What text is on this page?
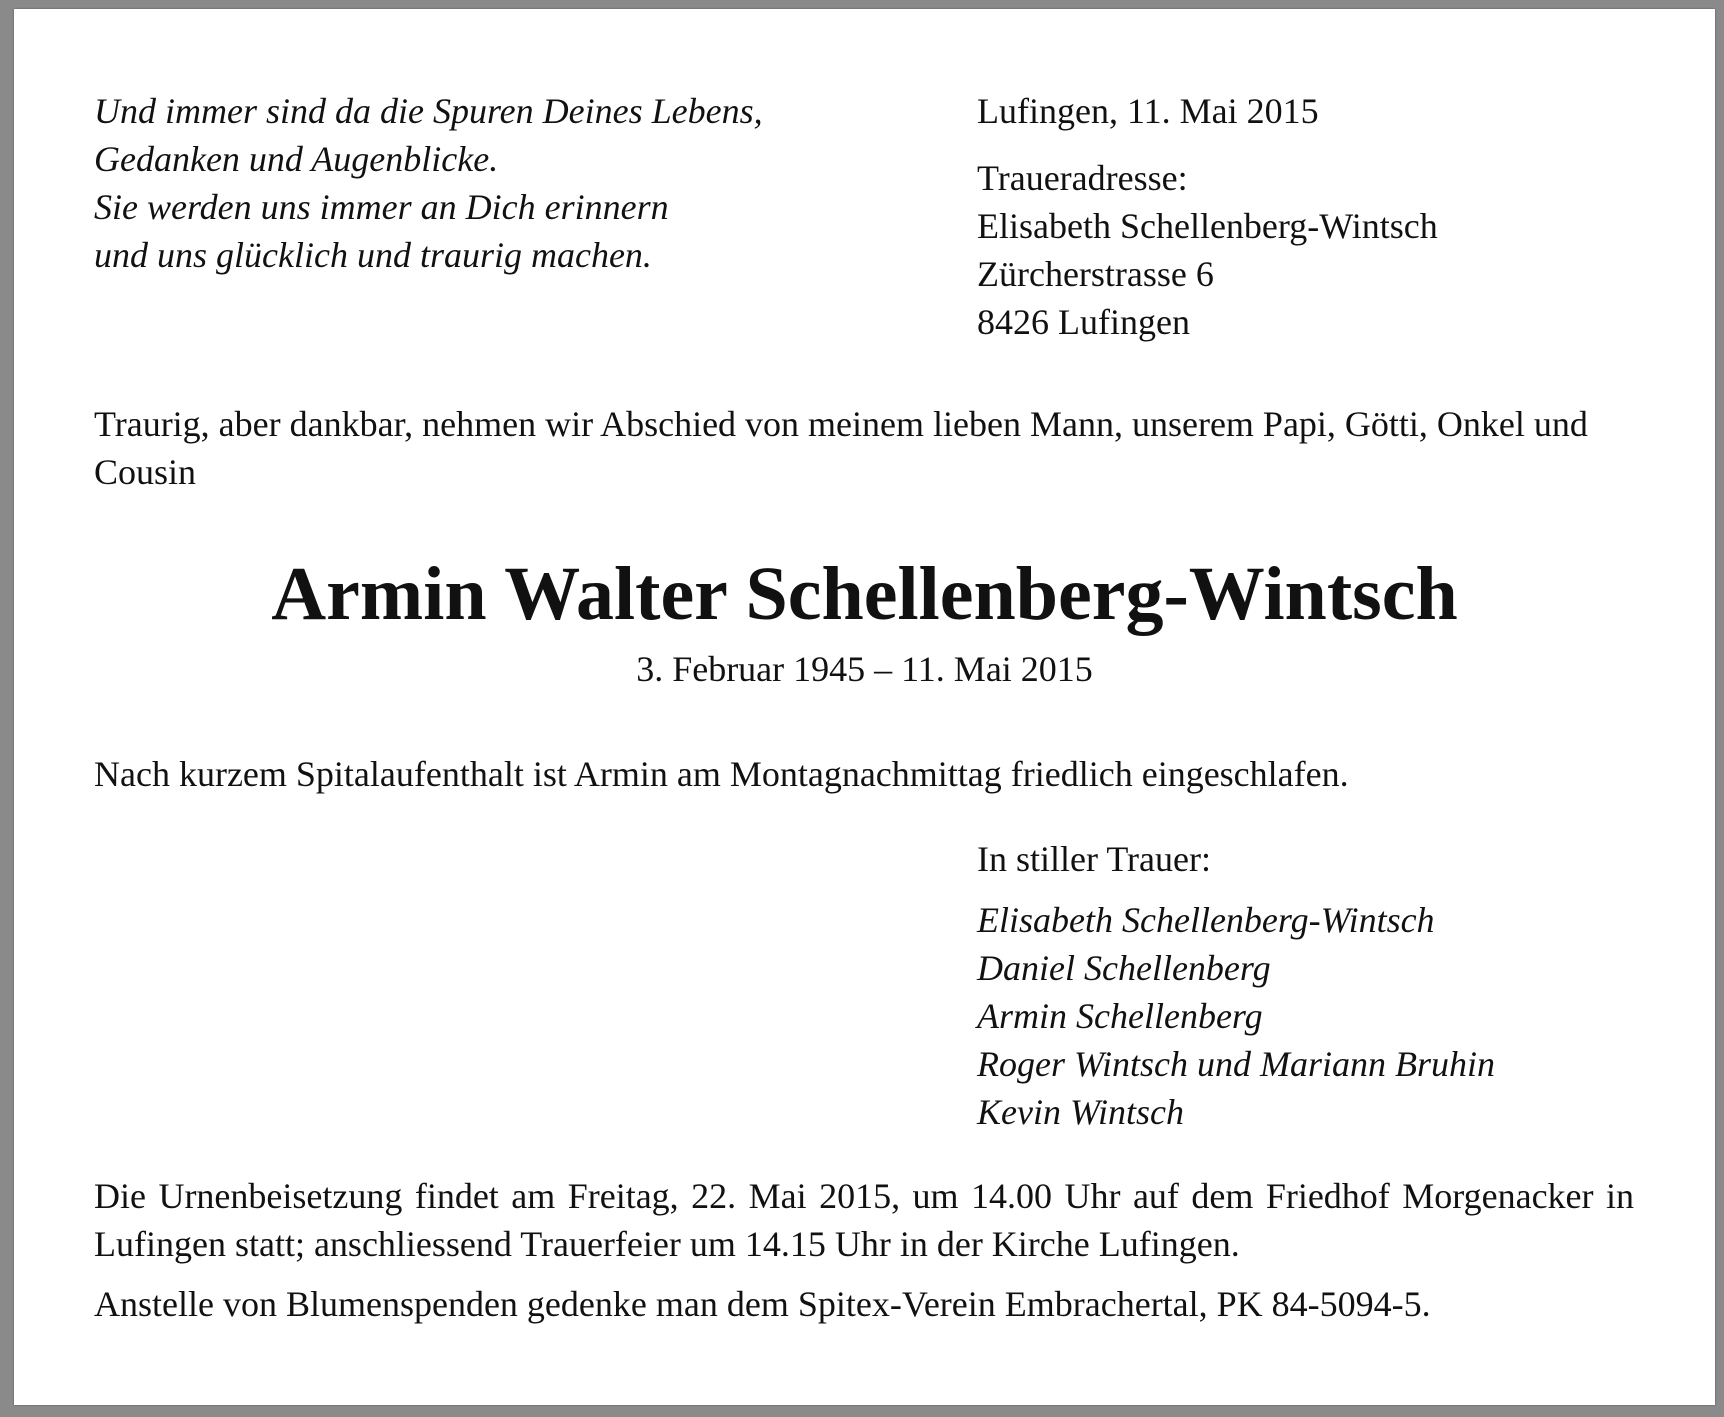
Und immer sind da die Spuren Deines Lebens,
Gedanken und Augenblicke.
Sie werden uns immer an Dich erinnern
und uns glücklich und traurig machen.
Lufingen, 11. Mai 2015
Traueradresse:
Elisabeth Schellenberg-Wintsch
Zürcherstrasse 6
8426 Lufingen
Traurig, aber dankbar, nehmen wir Abschied von meinem lieben Mann, unserem Papi, Götti, Onkel und Cousin
Armin Walter Schellenberg-Wintsch
3. Februar 1945 – 11. Mai 2015
Nach kurzem Spitalaufenthalt ist Armin am Montagnachmittag friedlich eingeschlafen.
In stiller Trauer:
Elisabeth Schellenberg-Wintsch
Daniel Schellenberg
Armin Schellenberg
Roger Wintsch und Mariann Bruhin
Kevin Wintsch
Die Urnenbeisetzung findet am Freitag, 22. Mai 2015, um 14.00 Uhr auf dem Friedhof Morgenacker in Lufingen statt; anschliessend Trauerfeier um 14.15 Uhr in der Kirche Lufingen.
Anstelle von Blumenspenden gedenke man dem Spitex-Verein Embrachertal, PK 84-5094-5.
